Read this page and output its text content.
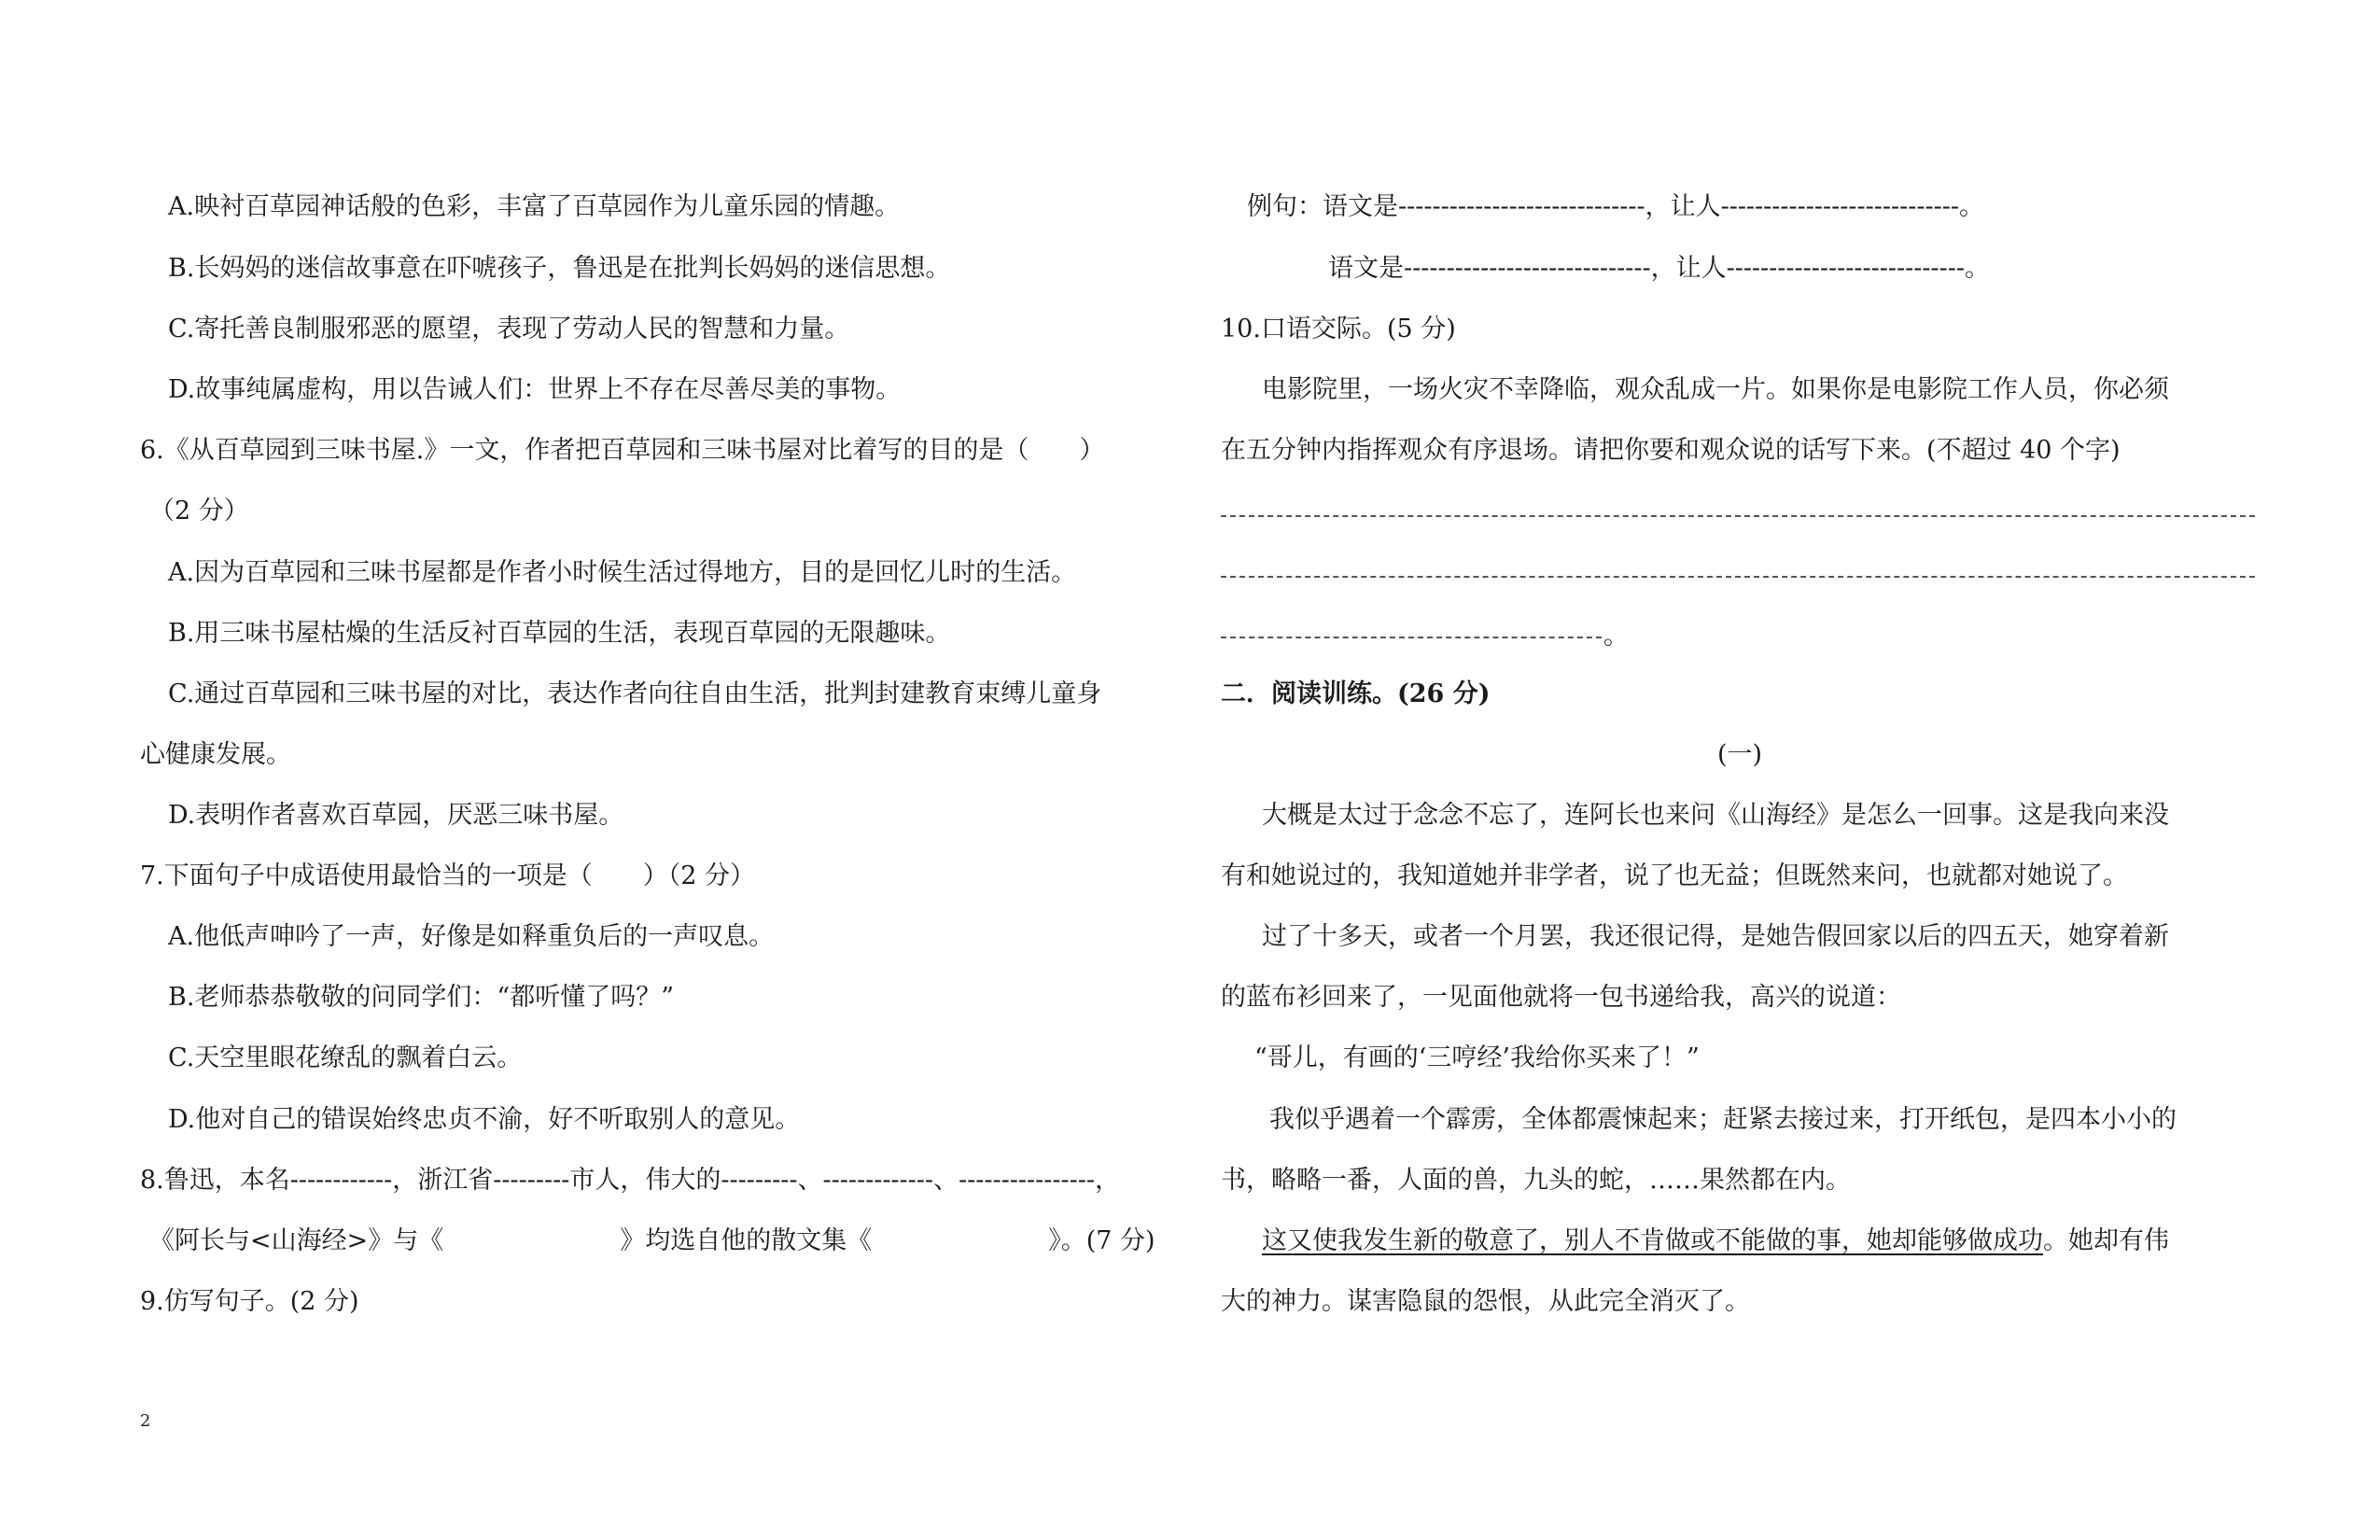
A.映衬百草园神话般的色彩，丰富了百草园作为儿童乐园的情趣。
B.长妈妈的迷信故事意在吓唬孩子，鲁迅是在批判长妈妈的迷信思想。
C.寄托善良制服邪恶的愿望，表现了劳动人民的智慧和力量。
D.故事纯属虚构，用以告诫人们：世界上不存在尽善尽美的事物。
6.《从百草园到三味书屋.》一文，作者把百草园和三味书屋对比着写的目的是（　　）
（2 分）
A.因为百草园和三味书屋都是作者小时候生活过得地方，目的是回忆儿时的生活。
B.用三味书屋枯燥的生活反衬百草园的生活，表现百草园的无限趣味。
C.通过百草园和三味书屋的对比，表达作者向往自由生活，批判封建教育束缚儿童身
心健康发展。
D.表明作者喜欢百草园，厌恶三味书屋。
7.下面句子中成语使用最恰当的一项是（　　）（2 分）
A.他低声呻吟了一声，好像是如释重负后的一声叹息。
B.老师恭恭敬敬的问同学们：“都听懂了吗？”
C.天空里眼花缭乱的飘着白云。
D.他对自己的错误始终忠贞不渝，好不听取别人的意见。
8.鲁迅，本名------------，浙江省---------市人，伟大的---------、-------------、----------------，
《阿长与<山海经>》与《　　　　　　　》均选自他的散文集《　　　　　　　》。(7 分)
9.仿写句子。(2 分)
例句：语文是-----------------------------，让人----------------------------。
语文是-----------------------------，让人----------------------------。
10.口语交际。(5 分)
电影院里，一场火灾不幸降临，观众乱成一片。如果你是电影院工作人员，你必须
在五分钟内指挥观众有序退场。请把你要和观众说的话写下来。(不超过 40 个字)
。
二．阅读训练。(26 分)
(一)
大概是太过于念念不忘了，连阿长也来问《山海经》是怎么一回事。这是我向来没
有和她说过的，我知道她并非学者，说了也无益；但既然来问，也就都对她说了。
过了十多天，或者一个月罢，我还很记得，是她告假回家以后的四五天，她穿着新
的蓝布衫回来了，一见面他就将一包书递给我，高兴的说道：
“哥儿，有画的‘三哼经’我给你买来了！”
我似乎遇着一个霹雳，全体都震悚起来；赶紧去接过来，打开纸包，是四本小小的
书，略略一番，人面的兽，九头的蛇，……果然都在内。
这又使我发生新的敬意了，别人不肯做或不能做的事，她却能够做成功。她却有伟
大的神力。谋害隐鼠的怨恨，从此完全消灭了。
2
